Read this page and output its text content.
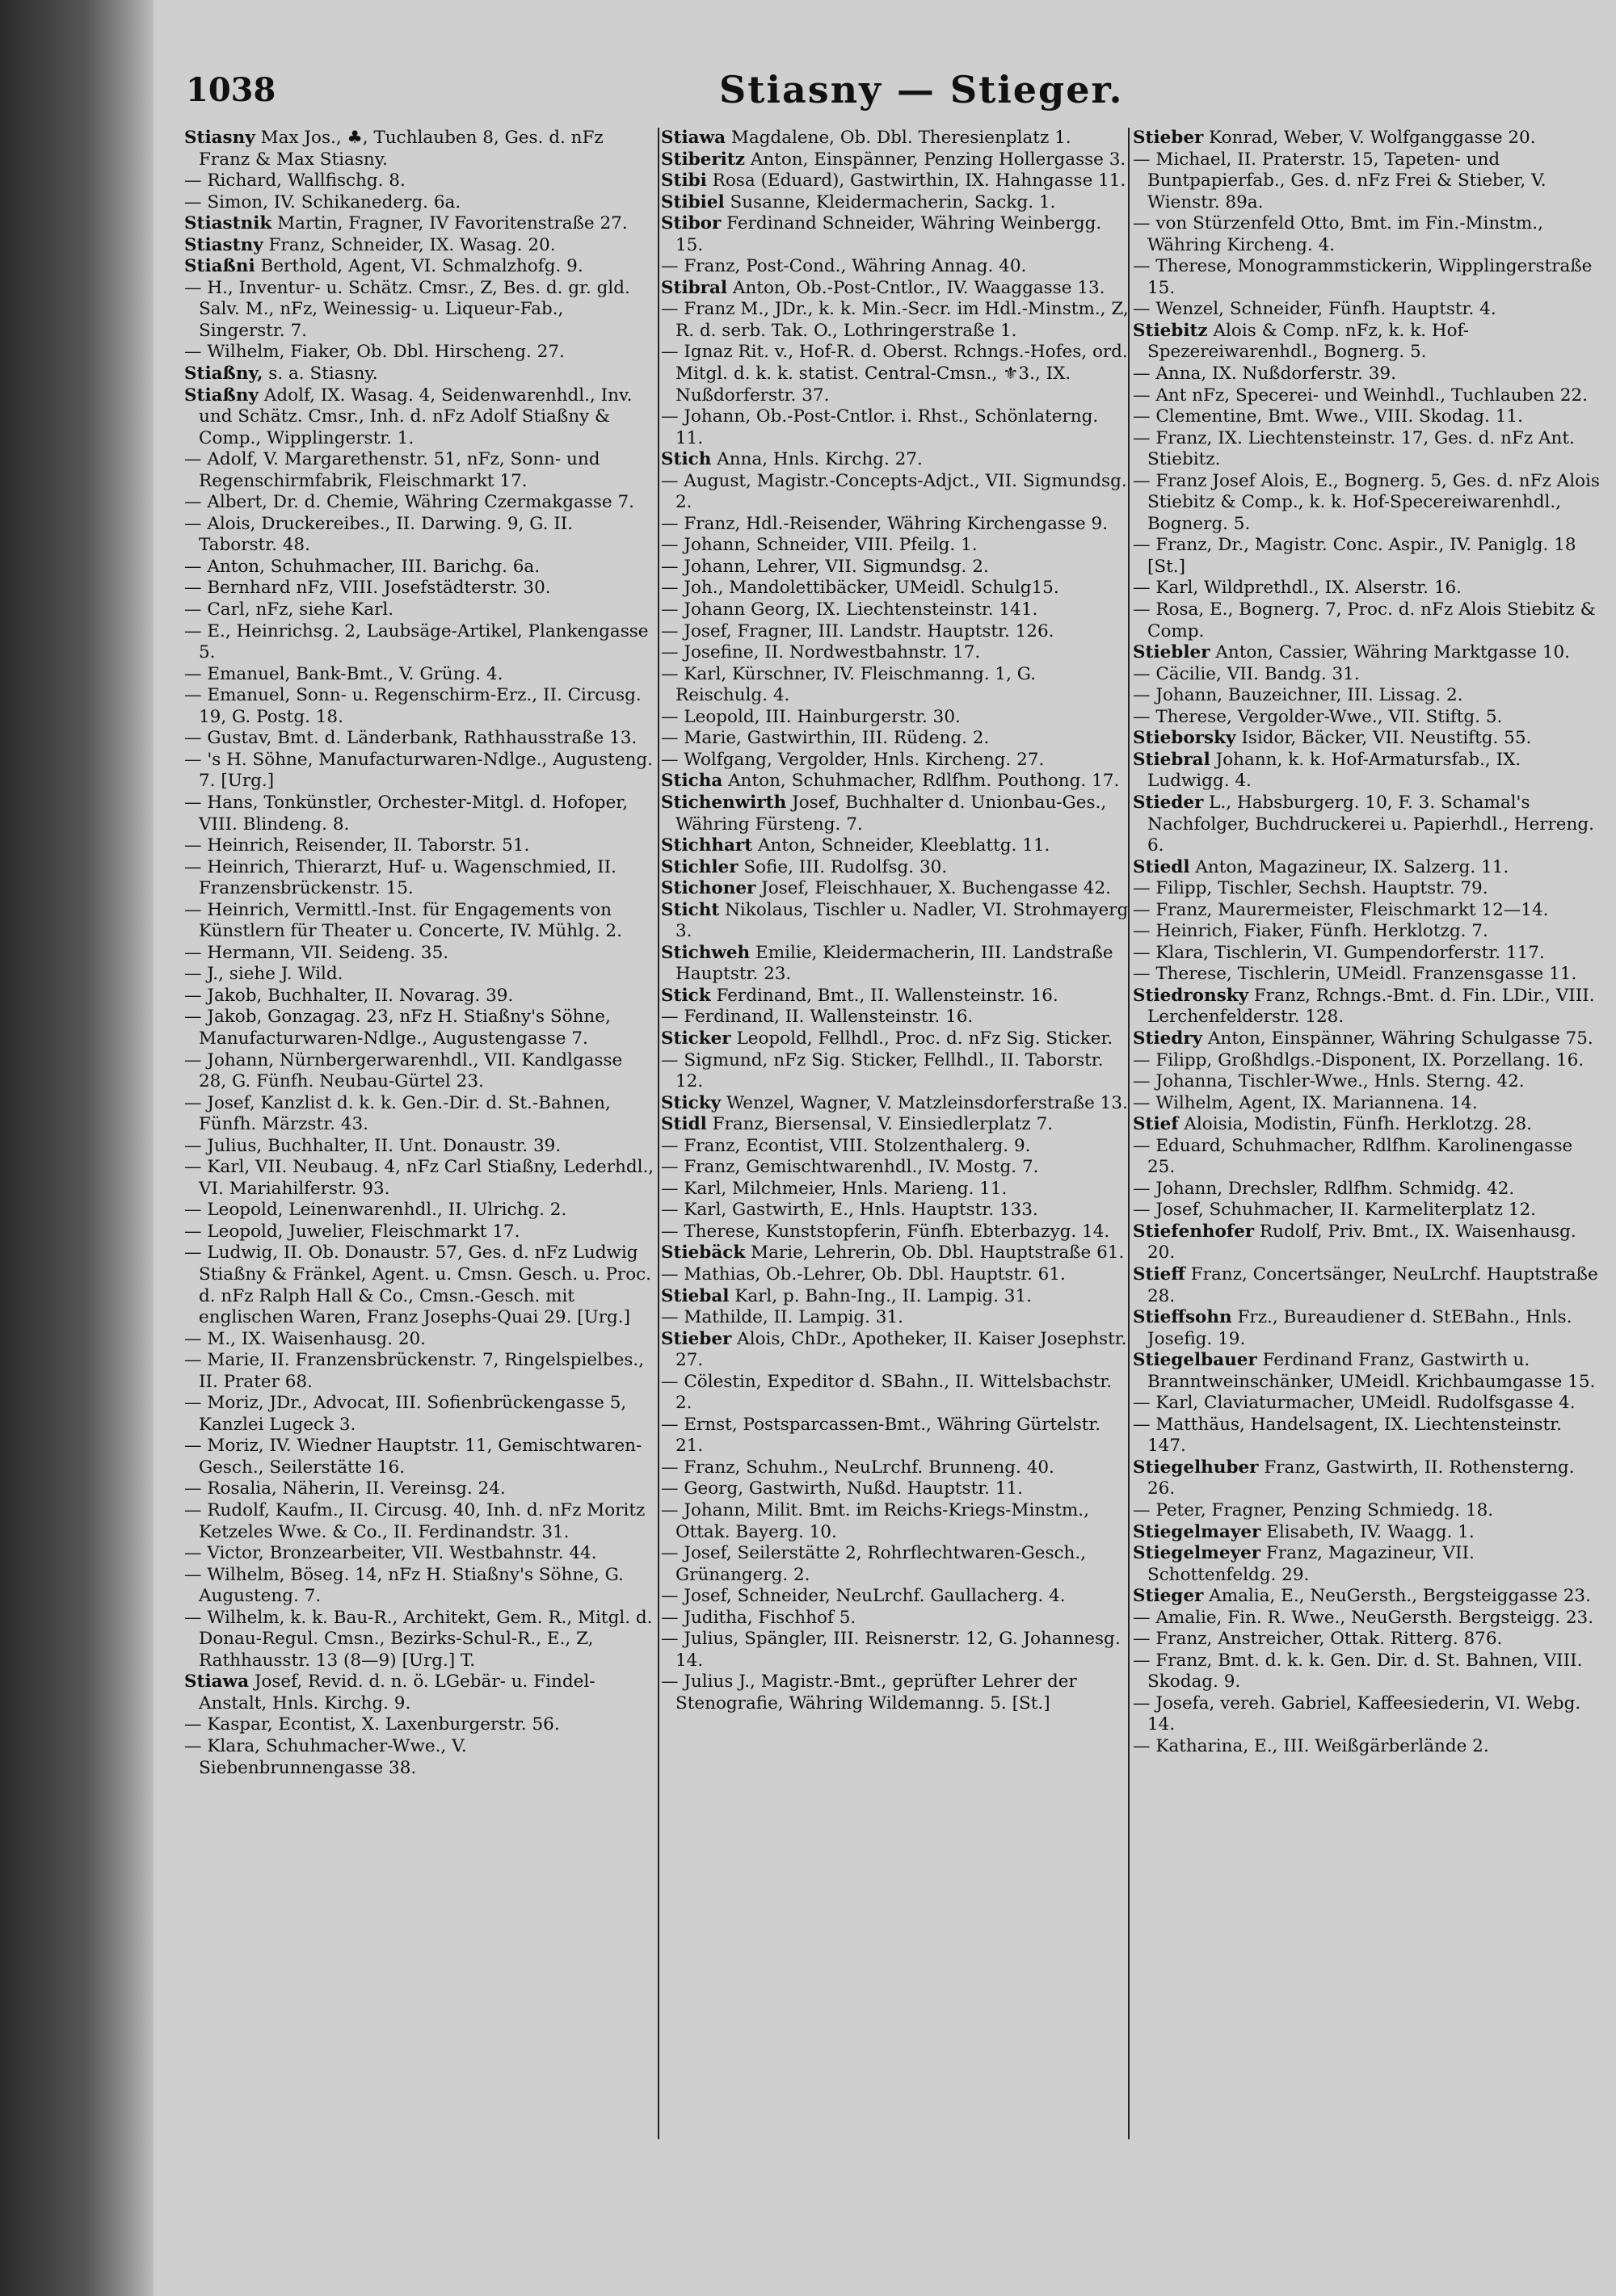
1038	Stiasny — Stieger.

Stiasny Max Jos., ♣, Tuchlauben 8, Ges. d. nFz Franz & Max Stiasny.

— Richard, Wallfischg. 8.

— Simon, IV. Schikanederg. 6a.

Stiastnik Martin, Fragner, IV Favoritenstraße 27.

Stiastny Franz, Schneider, IX. Wasag. 20.

Stiaßni Berthold, Agent, VI. Schmalzhofg. 9.

— H., Inventur- u. Schätz. Cmsr., Z, Bes. d. gr. gld. Salv. M., nFz, Weinessig- u. Liqueur-Fab., Singerstr. 7.

— Wilhelm, Fiaker, Ob. Dbl. Hirscheng. 27.

Stiaßny, s. a. Stiasny.

Stiaßny Adolf, IX. Wasag. 4, Seidenwarenhdl., Inv. und Schätz. Cmsr., Inh. d. nFz Adolf Stiaßny & Comp., Wipplingerstr. 1.

— Adolf, V. Margarethenstr. 51, nFz, Sonn- und Regenschirmfabrik, Fleischmarkt 17.

— Albert, Dr. d. Chemie, Währing Czermakgasse 7.

— Alois, Druckereibes., II. Darwing. 9, G. II. Taborstr. 48.

— Anton, Schuhmacher, III. Barichg. 6a.

— Bernhard nFz, VIII. Josefstädterstr. 30.

— Carl, nFz, siehe Karl.

— E., Heinrichsg. 2, Laubsäge-Artikel, Plankengasse 5.

— Emanuel, Bank-Bmt., V. Grüng. 4.

— Emanuel, Sonn- u. Regenschirm-Erz., II. Circusg. 19, G. Postg. 18.

— Gustav, Bmt. d. Länderbank, Rathhausstraße 13.

— 's H. Söhne, Manufacturwaren-Ndlge., Augusteng. 7. [Urg.]

— Hans, Tonkünstler, Orchester-Mitgl. d. Hofoper, VIII. Blindeng. 8.

— Heinrich, Reisender, II. Taborstr. 51.

— Heinrich, Thierarzt, Huf- u. Wagenschmied, II. Franzensbrückenstr. 15.

— Heinrich, Vermittl.-Inst. für Engagements von Künstlern für Theater u. Concerte, IV. Mühlg. 2.

— Hermann, VII. Seideng. 35.

— J., siehe J. Wild.

— Jakob, Buchhalter, II. Novarag. 39.

— Jakob, Gonzagag. 23, nFz H. Stiaßny's Söhne, Manufacturwaren-Ndlge., Augustengasse 7.

— Johann, Nürnbergerwarenhdl., VII. Kandlgasse 28, G. Fünfh. Neubau-Gürtel 23.

— Josef, Kanzlist d. k. k. Gen.-Dir. d. St.-Bahnen, Fünfh. Märzstr. 43.

— Julius, Buchhalter, II. Unt. Donaustr. 39.

— Karl, VII. Neubaug. 4, nFz Carl Stiaßny, Lederhdl., VI. Mariahilferstr. 93.

— Leopold, Leinenwarenhdl., II. Ulrichg. 2.

— Leopold, Juwelier, Fleischmarkt 17.

— Ludwig, II. Ob. Donaustr. 57, Ges. d. nFz Ludwig Stiaßny & Fränkel, Agent. u. Cmsn. Gesch. u. Proc. d. nFz Ralph Hall & Co., Cmsn.-Gesch. mit englischen Waren, Franz Josephs-Quai 29. [Urg.]

— M., IX. Waisenhausg. 20.

— Marie, II. Franzensbrückenstr. 7, Ringelspielbes., II. Prater 68.

— Moriz, JDr., Advocat, III. Sofienbrückengasse 5, Kanzlei Lugeck 3.

— Moriz, IV. Wiedner Hauptstr. 11, Gemischtwaren-Gesch., Seilerstätte 16.

— Rosalia, Näherin, II. Vereinsg. 24.

— Rudolf, Kaufm., II. Circusg. 40, Inh. d. nFz Moritz Ketzeles Wwe. & Co., II. Ferdinandstr. 31.

— Victor, Bronzearbeiter, VII. Westbahnstr. 44.

— Wilhelm, Böseg. 14, nFz H. Stiaßny's Söhne, G. Augusteng. 7.

— Wilhelm, k. k. Bau-R., Architekt, Gem. R., Mitgl. d. Donau-Regul. Cmsn., Bezirks-Schul-R., E., Z, Rathhausstr. 13 (8—9) [Urg.] T.

Stiawa Josef, Revid. d. n. ö. LGebär- u. Findel-Anstalt, Hnls. Kirchg. 9.

— Kaspar, Econtist, X. Laxenburgerstr. 56.

— Klara, Schuhmacher-Wwe., V. Siebenbrunnengasse 38.

Stiawa Magdalene, Ob. Dbl. Theresienplatz 1.

Stiberitz Anton, Einspänner, Penzing Hollergasse 3.

Stibi Rosa (Eduard), Gastwirthin, IX. Hahngasse 11.

Stibiel Susanne, Kleidermacherin, Sackg. 1.

Stibor Ferdinand Schneider, Währing Weinbergg. 15.

— Franz, Post-Cond., Währing Annag. 40.

Stibral Anton, Ob.-Post-Cntlor., IV. Waaggasse 13.

— Franz M., JDr., k. k. Min.-Secr. im Hdl.-Minstm., Z, R. d. serb. Tak. O., Lothringerstraße 1.

— Ignaz Rit. v., Hof-R. d. Oberst. Rchngs.-Hofes, ord. Mitgl. d. k. k. statist. Central-Cmsn., ⚜3., IX. Nußdorferstr. 37.

— Johann, Ob.-Post-Cntlor. i. Rhst., Schönlaterng. 11.

Stich Anna, Hnls. Kirchg. 27.

— August, Magistr.-Concepts-Adjct., VII. Sigmundsg. 2.

— Franz, Hdl.-Reisender, Währing Kirchengasse 9.

— Johann, Schneider, VIII. Pfeilg. 1.

— Johann, Lehrer, VII. Sigmundsg. 2.

— Joh., Mandolettibäcker, UMeidl. Schulg15.

— Johann Georg, IX. Liechtensteinstr. 141.

— Josef, Fragner, III. Landstr. Hauptstr. 126.

— Josefine, II. Nordwestbahnstr. 17.

— Karl, Kürschner, IV. Fleischmanng. 1, G. Reischulg. 4.

— Leopold, III. Hainburgerstr. 30.

— Marie, Gastwirthin, III. Rüdeng. 2.

— Wolfgang, Vergolder, Hnls. Kircheng. 27.

Sticha Anton, Schuhmacher, Rdlfhm. Pouthong. 17.

Stichenwirth Josef, Buchhalter d. Unionbau-Ges., Währing Fürsteng. 7.

Stichhart Anton, Schneider, Kleeblattg. 11.

Stichler Sofie, III. Rudolfsg. 30.

Stichoner Josef, Fleischhauer, X. Buchengasse 42.

Sticht Nikolaus, Tischler u. Nadler, VI. Strohmayerg 3.

Stichweh Emilie, Kleidermacherin, III. Landstraße Hauptstr. 23.

Stick Ferdinand, Bmt., II. Wallensteinstr. 16.

— Ferdinand, II. Wallensteinstr. 16.

Sticker Leopold, Fellhdl., Proc. d. nFz Sig. Sticker.

— Sigmund, nFz Sig. Sticker, Fellhdl., II. Taborstr. 12.

Sticky Wenzel, Wagner, V. Matzleinsdorferstraße 13.

Stidl Franz, Biersensal, V. Einsiedlerplatz 7.

— Franz, Econtist, VIII. Stolzenthalerg. 9.

— Franz, Gemischtwarenhdl., IV. Mostg. 7.

— Karl, Milchmeier, Hnls. Marieng. 11.

— Karl, Gastwirth, E., Hnls. Hauptstr. 133.

— Therese, Kunststopferin, Fünfh. Ebterbazyg. 14.

Stiebäck Marie, Lehrerin, Ob. Dbl. Hauptstraße 61.

— Mathias, Ob.-Lehrer, Ob. Dbl. Hauptstr. 61.

Stiebal Karl, p. Bahn-Ing., II. Lampig. 31.

— Mathilde, II. Lampig. 31.

Stieber Alois, ChDr., Apotheker, II. Kaiser Josephstr. 27.

— Cölestin, Expeditor d. SBahn., II. Wittelsbachstr. 2.

— Ernst, Postsparcassen-Bmt., Währing Gürtelstr. 21.

— Franz, Schuhm., NeuLrchf. Brunneng. 40.

— Georg, Gastwirth, Nußd. Hauptstr. 11.

— Johann, Milit. Bmt. im Reichs-Kriegs-Minstm., Ottak. Bayerg. 10.

— Josef, Seilerstätte 2, Rohrflechtwaren-Gesch., Grünangerg. 2.

— Josef, Schneider, NeuLrchf. Gaullacherg. 4.

— Juditha, Fischhof 5.

— Julius, Spängler, III. Reisnerstr. 12, G. Johannesg. 14.

— Julius J., Magistr.-Bmt., geprüfter Lehrer der Stenografie, Währing Wildemanng. 5. [St.]

Stieber Konrad, Weber, V. Wolfganggasse 20.

— Michael, II. Praterstr. 15, Tapeten- und Buntpapierfab., Ges. d. nFz Frei & Stieber, V. Wienstr. 89a.

— von Stürzenfeld Otto, Bmt. im Fin.-Minstm., Währing Kircheng. 4.

— Therese, Monogrammstickerin, Wipplingerstraße 15.

— Wenzel, Schneider, Fünfh. Hauptstr. 4.

Stiebitz Alois & Comp. nFz, k. k. Hof-Spezereiwarenhdl., Bognerg. 5.

— Anna, IX. Nußdorferstr. 39.

— Ant nFz, Specerei- und Weinhdl., Tuchlauben 22.

— Clementine, Bmt. Wwe., VIII. Skodag. 11.

— Franz, IX. Liechtensteinstr. 17, Ges. d. nFz Ant. Stiebitz.

— Franz Josef Alois, E., Bognerg. 5, Ges. d. nFz Alois Stiebitz & Comp., k. k. Hof-Specereiwarenhdl., Bognerg. 5.

— Franz, Dr., Magistr. Conc. Aspir., IV. Paniglg. 18 [St.]

— Karl, Wildprethdl., IX. Alserstr. 16.

— Rosa, E., Bognerg. 7, Proc. d. nFz Alois Stiebitz & Comp.

Stiebler Anton, Cassier, Währing Marktgasse 10.

— Cäcilie, VII. Bandg. 31.

— Johann, Bauzeichner, III. Lissag. 2.

— Therese, Vergolder-Wwe., VII. Stiftg. 5.

Stieborsky Isidor, Bäcker, VII. Neustiftg. 55.

Stiebral Johann, k. k. Hof-Armatursfab., IX. Ludwigg. 4.

Stieder L., Habsburgerg. 10, F. 3. Schamal's Nachfolger, Buchdruckerei u. Papierhdl., Herreng. 6.

Stiedl Anton, Magazineur, IX. Salzerg. 11.

— Filipp, Tischler, Sechsh. Hauptstr. 79.

— Franz, Maurermeister, Fleischmarkt 12—14.

— Heinrich, Fiaker, Fünfh. Herklotzg. 7.

— Klara, Tischlerin, VI. Gumpendorferstr. 117.

— Therese, Tischlerin, UMeidl. Franzensgasse 11.

Stiedronsky Franz, Rchngs.-Bmt. d. Fin. LDir., VIII. Lerchenfelderstr. 128.

Stiedry Anton, Einspänner, Währing Schulgasse 75.

— Filipp, Großhdlgs.-Disponent, IX. Porzellang. 16.

— Johanna, Tischler-Wwe., Hnls. Sterng. 42.

— Wilhelm, Agent, IX. Mariannena. 14.

Stief Aloisia, Modistin, Fünfh. Herklotzg. 28.

— Eduard, Schuhmacher, Rdlfhm. Karolinengasse 25.

— Johann, Drechsler, Rdlfhm. Schmidg. 42.

— Josef, Schuhmacher, II. Karmeliterplatz 12.

Stiefenhofer Rudolf, Priv. Bmt., IX. Waisenhausg. 20.

Stieff Franz, Concertsänger, NeuLrchf. Hauptstraße 28.

Stieffsohn Frz., Bureaudiener d. StEBahn., Hnls. Josefig. 19.

Stiegelbauer Ferdinand Franz, Gastwirth u. Branntweinschänker, UMeidl. Krichbaumgasse 15.

— Karl, Claviaturmacher, UMeidl. Rudolfsgasse 4.

— Matthäus, Handelsagent, IX. Liechtensteinstr. 147.

Stiegelhuber Franz, Gastwirth, II. Rothensterng. 26.

— Peter, Fragner, Penzing Schmiedg. 18.

Stiegelmayer Elisabeth, IV. Waagg. 1.

Stiegelmeyer Franz, Magazineur, VII. Schottenfeldg. 29.

Stieger Amalia, E., NeuGersth., Bergsteiggasse 23.

— Amalie, Fin. R. Wwe., NeuGersth. Bergsteigg. 23.

— Franz, Anstreicher, Ottak. Ritterg. 876.

— Franz, Bmt. d. k. k. Gen. Dir. d. St. Bahnen, VIII. Skodag. 9.

— Josefa, vereh. Gabriel, Kaffeesiederin, VI. Webg. 14.

— Katharina, E., III. Weißgärberlände 2.
